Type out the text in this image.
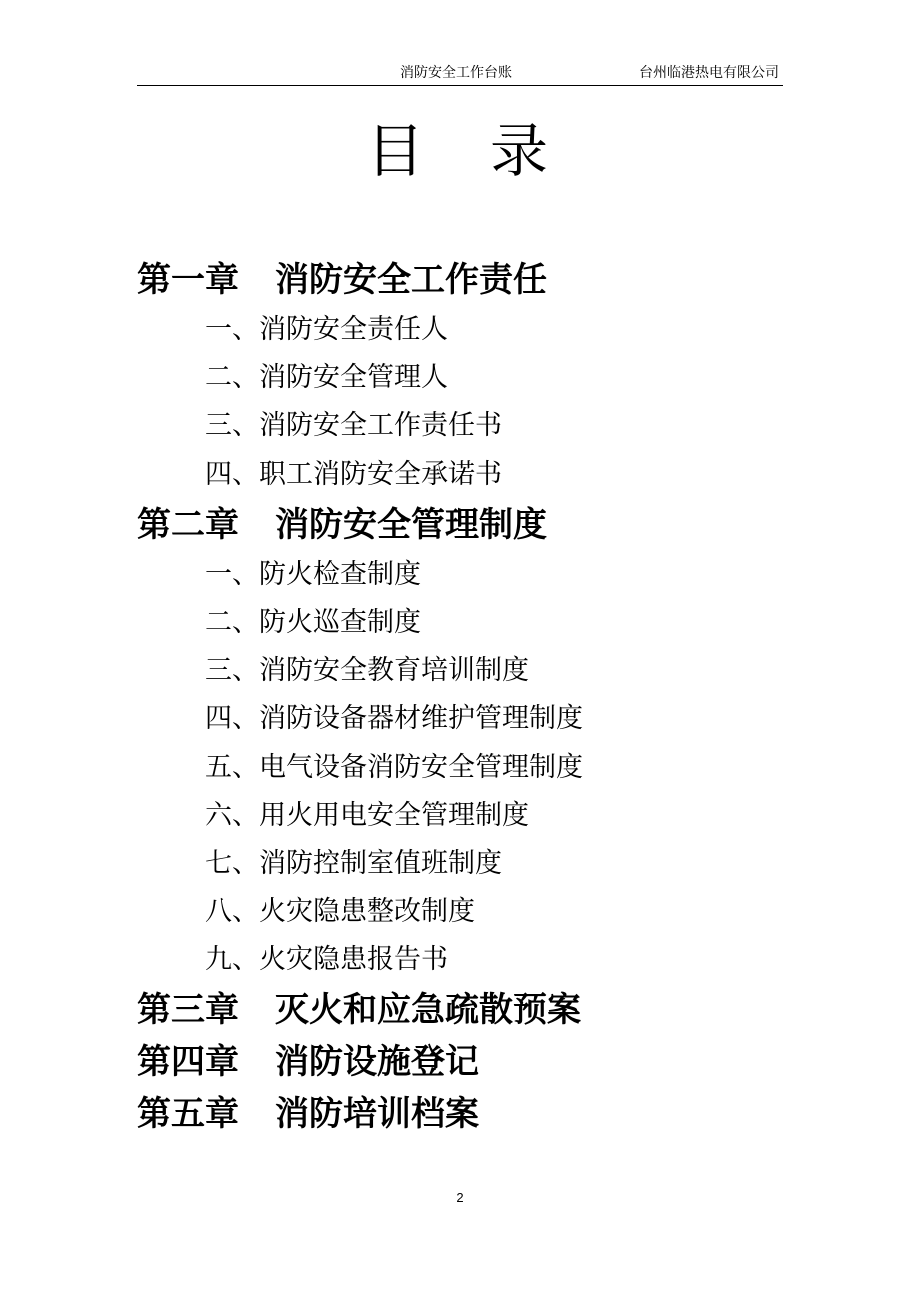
消防安全工作台账	台州临港热电有限公司
目 录
第一章 消防安全工作责任
一、消防安全责任人
二、消防安全管理人
三、消防安全工作责任书
四、职工消防安全承诺书
第二章 消防安全管理制度
一、防火检查制度
二、防火巡查制度
三、消防安全教育培训制度
四、消防设备器材维护管理制度
五、电气设备消防安全管理制度
六、用火用电安全管理制度
七、消防控制室值班制度
八、火灾隐患整改制度
九、火灾隐患报告书
第三章 灭火和应急疏散预案
第四章 消防设施登记
第五章 消防培训档案
2
